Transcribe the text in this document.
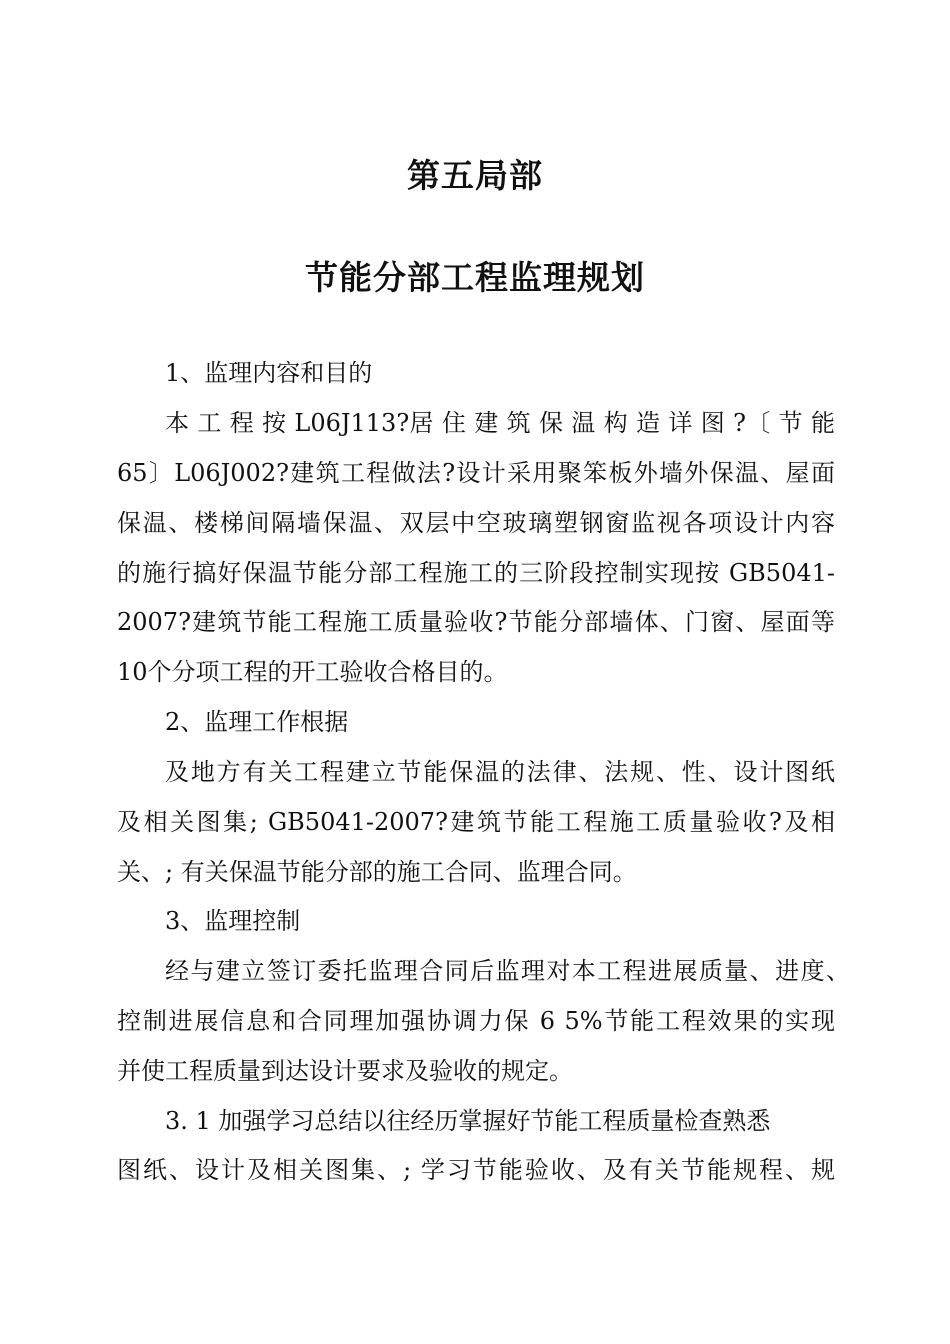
第五局部
节能分部工程监理规划

1、监理内容和目的

本 工 程 按 L06J113?居 住 建 筑 保 温 构 造 详 图 ?〔 节 能

65〕L06J002?建筑工程做法?设计采用聚笨板外墙外保温、屋面

保温、楼梯间隔墙保温、双层中空玻璃塑钢窗监视各项设计内容

的施行搞好保温节能分部工程施工的三阶段控制实现按 GB5041-

2007?建筑节能工程施工质量验收?节能分部墙体、门窗、屋面等

10个分项工程的开工验收合格目的。

2、监理工作根据

及地方有关工程建立节能保温的法律、法规、性、设计图纸

及相关图集; GB5041-2007?建筑节能工程施工质量验收?及相

关、; 有关保温节能分部的施工合同、监理合同。

3、监理控制

经与建立签订委托监理合同后监理对本工程进展质量、进度、

控制进展信息和合同理加强协调力保 6 5%节能工程效果的实现

并使工程质量到达设计要求及验收的规定。

3. 1 加强学习总结以往经历掌握好节能工程质量检查熟悉

图纸、设计及相关图集、; 学习节能验收、及有关节能规程、规
